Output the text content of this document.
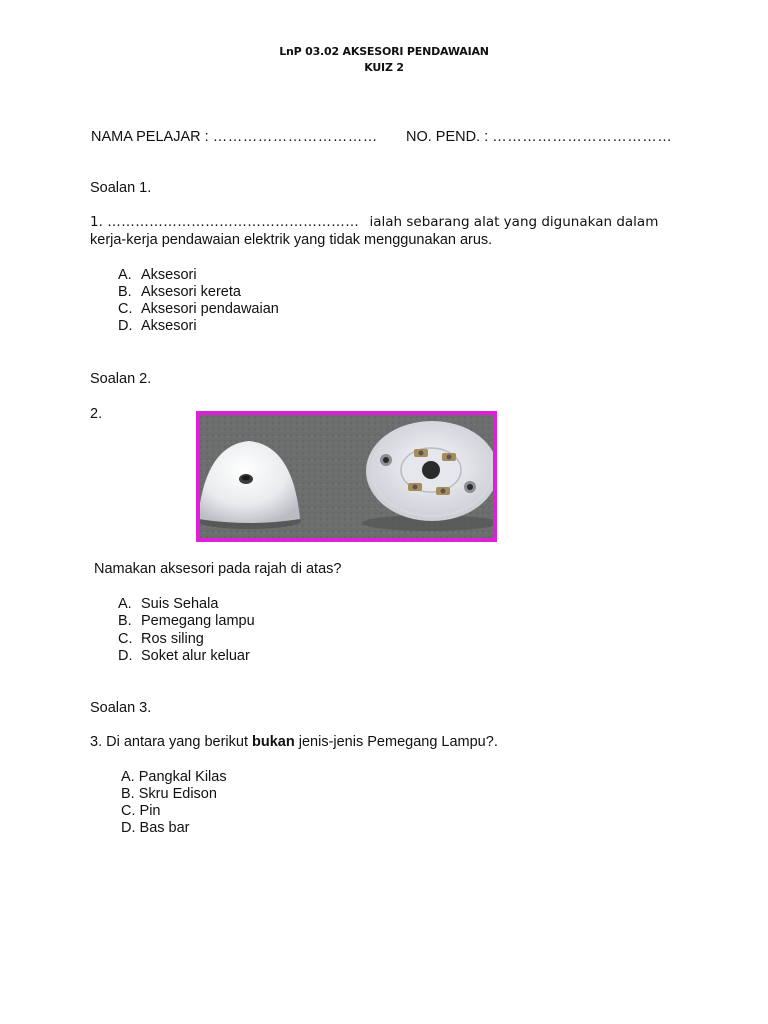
LnP 03.02 AKSESORI PENDAWAIAN
KUIZ 2
NAMA PELAJAR : …………………………… NO. PEND. : ………………………………
Soalan 1.
1. ……………………………………………… ialah sebarang alat yang digunakan dalam
kerja-kerja pendawaian elektrik yang tidak menggunakan arus.
A. Aksesori
B. Aksesori kereta
C. Aksesori pendawaian
D. Aksesori
Soalan 2.
2.
Namakan aksesori pada rajah di atas?
A. Suis Sehala
B. Pemegang lampu
C. Ros siling
D. Soket alur keluar
Soalan 3.
3. Di antara yang berikut bukan jenis-jenis Pemegang Lampu?.
A. Pangkal Kilas
B. Skru Edison
C. Pin
D. Bas bar
